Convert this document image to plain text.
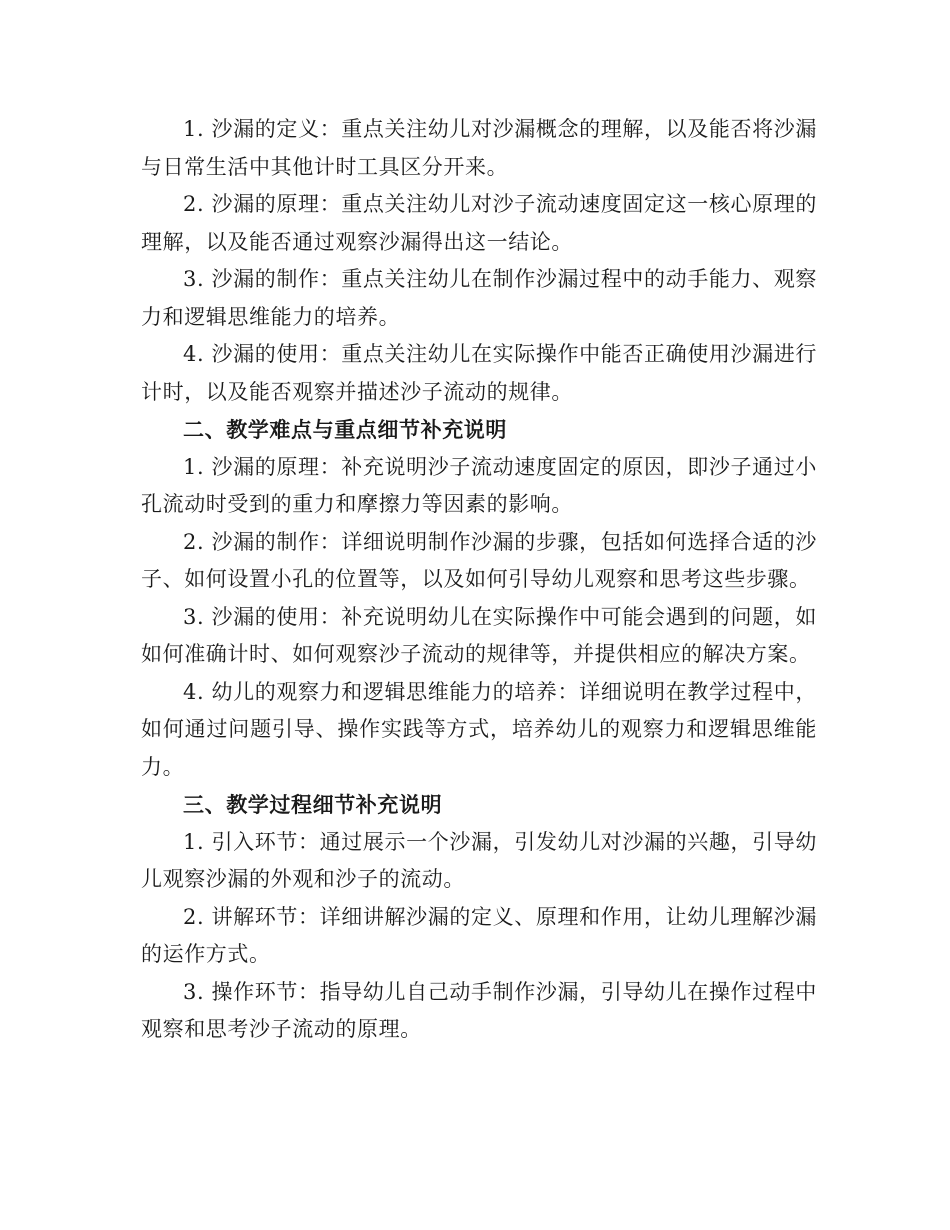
1. 沙漏的定义：重点关注幼儿对沙漏概念的理解，以及能否将沙漏与日常生活中其他计时工具区分开来。

2. 沙漏的原理：重点关注幼儿对沙子流动速度固定这一核心原理的理解，以及能否通过观察沙漏得出这一结论。

3. 沙漏的制作：重点关注幼儿在制作沙漏过程中的动手能力、观察力和逻辑思维能力的培养。

4. 沙漏的使用：重点关注幼儿在实际操作中能否正确使用沙漏进行计时，以及能否观察并描述沙子流动的规律。

二、教学难点与重点细节补充说明

1. 沙漏的原理：补充说明沙子流动速度固定的原因，即沙子通过小孔流动时受到的重力和摩擦力等因素的影响。

2. 沙漏的制作：详细说明制作沙漏的步骤，包括如何选择合适的沙子、如何设置小孔的位置等，以及如何引导幼儿观察和思考这些步骤。

3. 沙漏的使用：补充说明幼儿在实际操作中可能会遇到的问题，如如何准确计时、如何观察沙子流动的规律等，并提供相应的解决方案。

4. 幼儿的观察力和逻辑思维能力的培养：详细说明在教学过程中，如何通过问题引导、操作实践等方式，培养幼儿的观察力和逻辑思维能力。

三、教学过程细节补充说明

1. 引入环节：通过展示一个沙漏，引发幼儿对沙漏的兴趣，引导幼儿观察沙漏的外观和沙子的流动。

2. 讲解环节：详细讲解沙漏的定义、原理和作用，让幼儿理解沙漏的运作方式。

3. 操作环节：指导幼儿自己动手制作沙漏，引导幼儿在操作过程中观察和思考沙子流动的原理。
